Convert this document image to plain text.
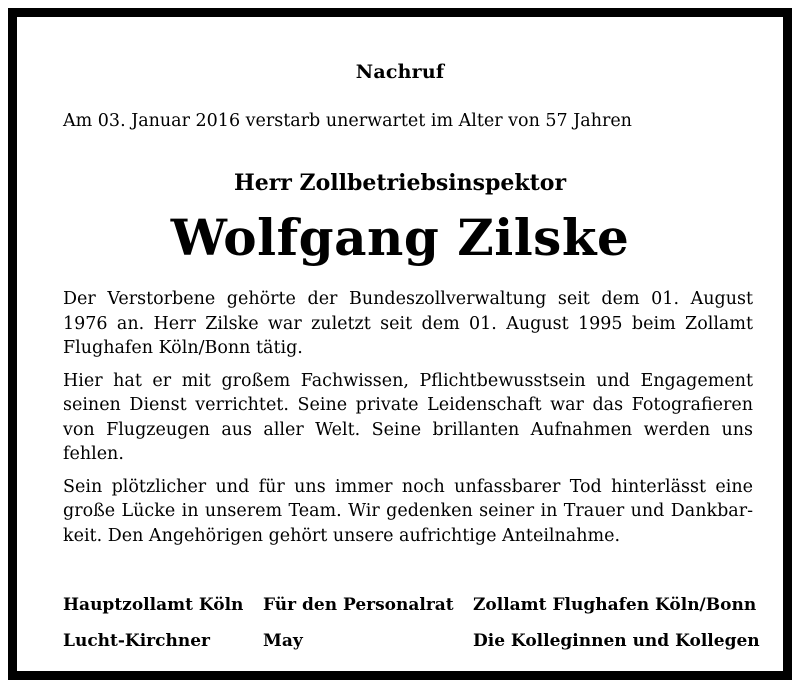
Nachruf
Am 03. Januar 2016 verstarb unerwartet im Alter von 57 Jahren
Herr Zollbetriebsinspektor
Wolfgang Zilske

Der Verstorbene gehörte der Bundeszollverwaltung seit dem 01. August 1976 an. Herr Zilske war zuletzt seit dem 01. August 1995 beim Zollamt Flughafen Köln/Bonn tätig.

Hier hat er mit großem Fachwissen, Pflichtbewusstsein und Engagement seinen Dienst verrichtet. Seine private Leidenschaft war das Fotografieren von Flugzeugen aus aller Welt. Seine brillanten Aufnahmen werden uns fehlen.

Sein plötzlicher und für uns immer noch unfassbarer Tod hinterlässt eine große Lücke in unserem Team. Wir gedenken seiner in Trauer und Dankbarkeit. Den Angehörigen gehört unsere aufrichtige Anteilnahme.

Hauptzollamt Köln	Für den Personalrat	Zollamt Flughafen Köln/Bonn
Lucht-Kirchner	May	Die Kolleginnen und Kollegen
